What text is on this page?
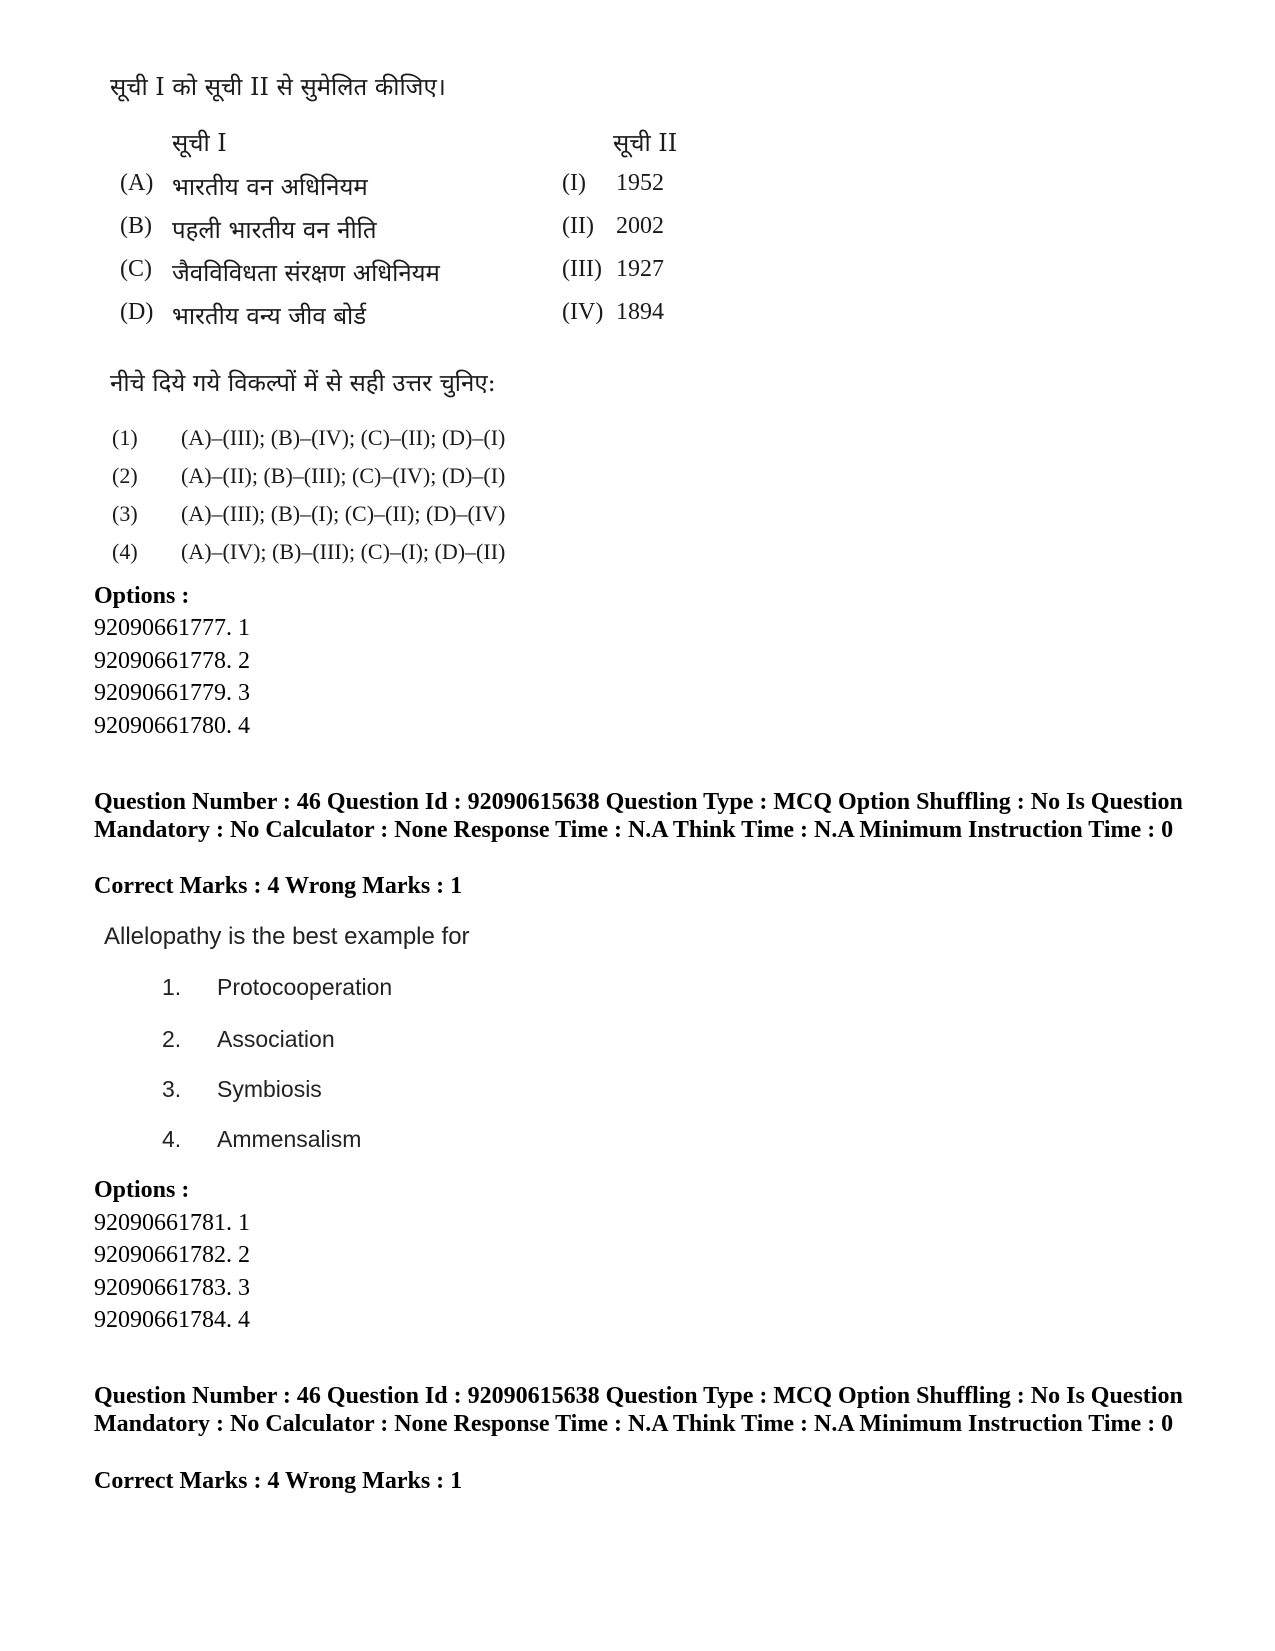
सूची I को सूची II से सुमेलित कीजिए।
सूची I	सूची II
(A) भारतीय वन अधिनियम	(I) 1952
(B) पहली भारतीय वन नीति	(II) 2002
(C) जैवविविधता संरक्षण अधिनियम	(III) 1927
(D) भारतीय वन्य जीव बोर्ड	(IV) 1894
नीचे दिये गये विकल्पों में से सही उत्तर चुनिए:
(1) (A)–(III); (B)–(IV); (C)–(II); (D)–(I)
(2) (A)–(II); (B)–(III); (C)–(IV); (D)–(I)
(3) (A)–(III); (B)–(I); (C)–(II); (D)–(IV)
(4) (A)–(IV); (B)–(III); (C)–(I); (D)–(II)
Options :
92090661777. 1
92090661778. 2
92090661779. 3
92090661780. 4
Question Number : 46 Question Id : 92090615638 Question Type : MCQ Option Shuffling : No Is Question Mandatory : No Calculator : None Response Time : N.A Think Time : N.A Minimum Instruction Time : 0
Correct Marks : 4 Wrong Marks : 1
Allelopathy is the best example for
1. Protocooperation
2. Association
3. Symbiosis
4. Ammensalism
Options :
92090661781. 1
92090661782. 2
92090661783. 3
92090661784. 4
Question Number : 46 Question Id : 92090615638 Question Type : MCQ Option Shuffling : No Is Question Mandatory : No Calculator : None Response Time : N.A Think Time : N.A Minimum Instruction Time : 0
Correct Marks : 4 Wrong Marks : 1
